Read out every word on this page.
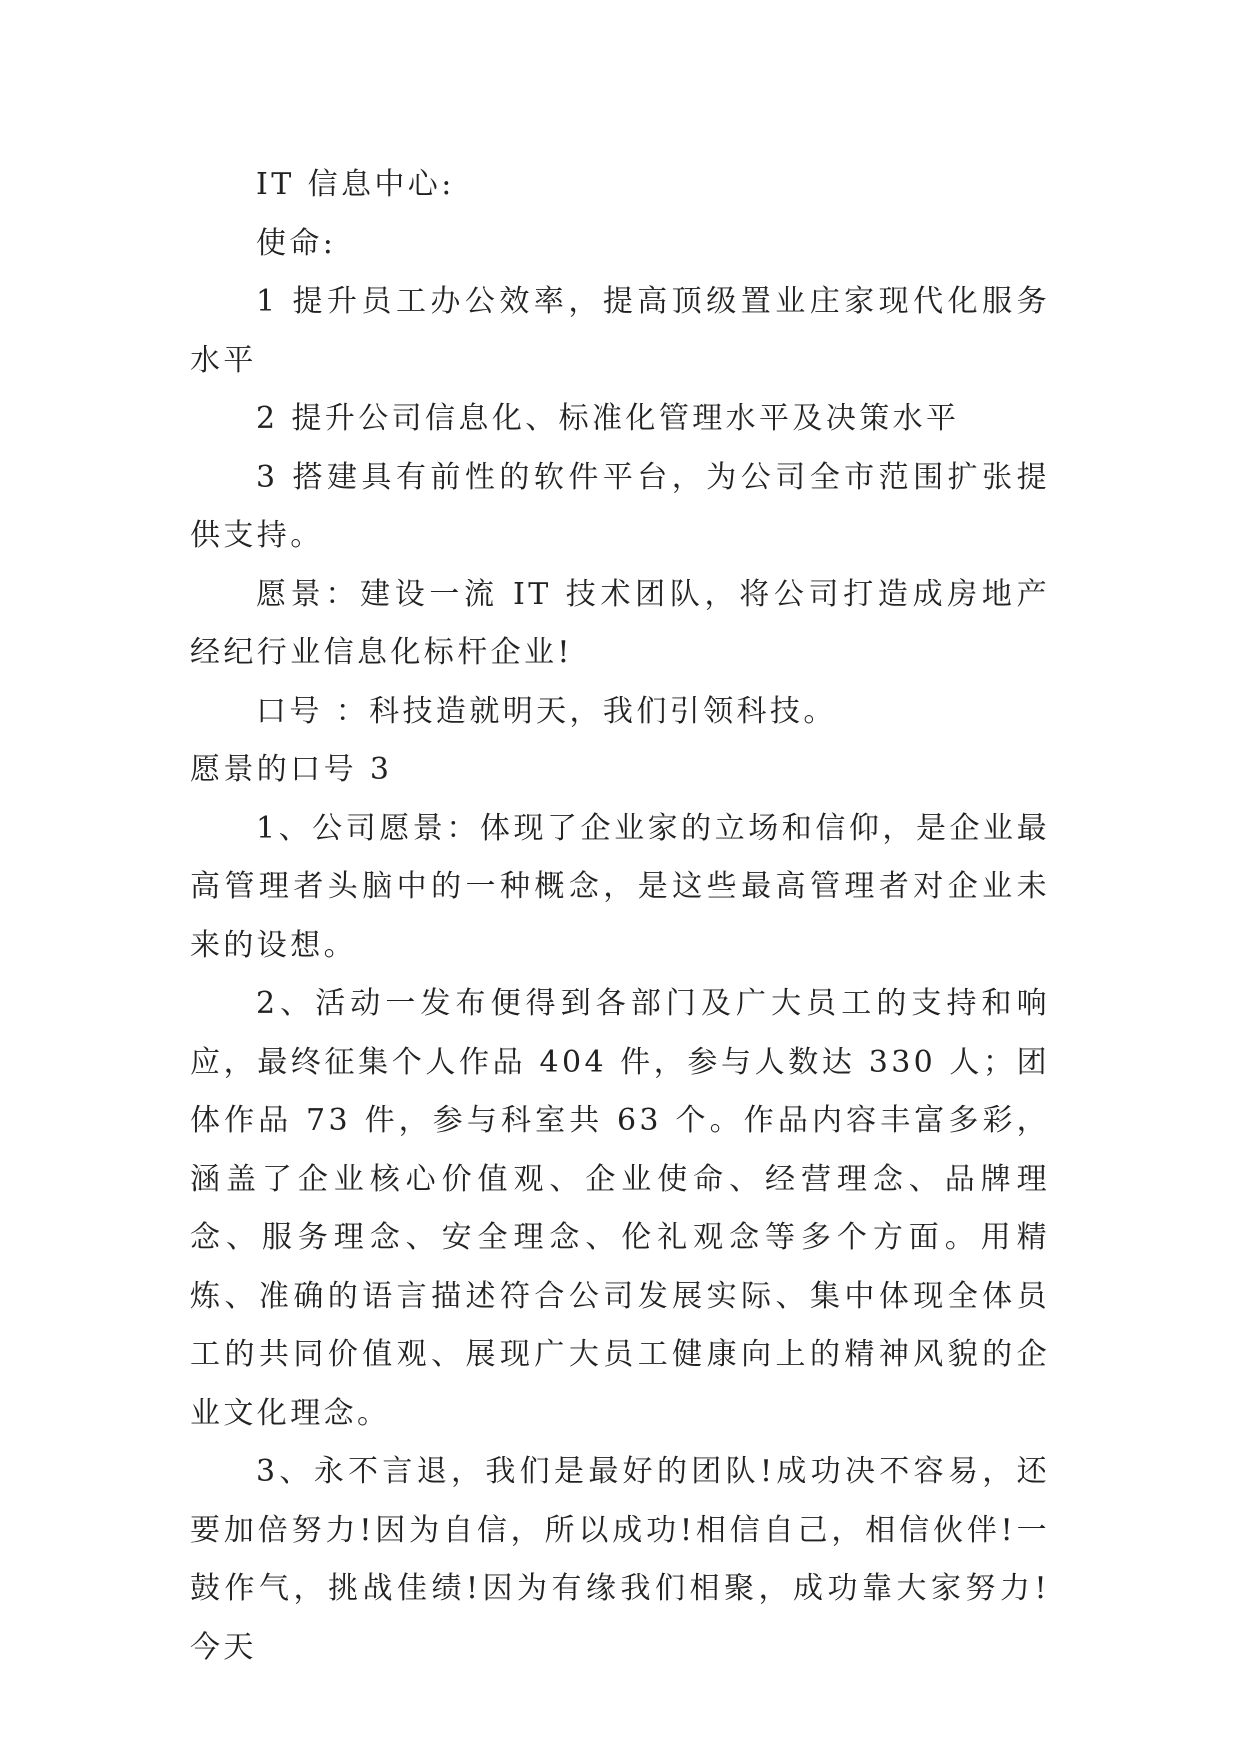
IT 信息中心:

使命:

1 提升员工办公效率，提高顶级置业庄家现代化服务水平

2 提升公司信息化、标准化管理水平及决策水平

3 搭建具有前性的软件平台，为公司全市范围扩张提供支持。

愿景：建设一流 IT 技术团队，将公司打造成房地产经纪行业信息化标杆企业!

口号 ：科技造就明天，我们引领科技。

愿景的口号 3

1、公司愿景：体现了企业家的立场和信仰，是企业最高管理者头脑中的一种概念，是这些最高管理者对企业未来的设想。

2、活动一发布便得到各部门及广大员工的支持和响应，最终征集个人作品 404 件，参与人数达 330 人；团体作品 73 件，参与科室共 63 个。作品内容丰富多彩，涵盖了企业核心价值观、企业使命、经营理念、品牌理念、服务理念、安全理念、伦礼观念等多个方面。用精炼、准确的语言描述符合公司发展实际、集中体现全体员工的共同价值观、展现广大员工健康向上的精神风貌的企业文化理念。

3、永不言退，我们是最好的团队!成功决不容易，还要加倍努力!因为自信，所以成功!相信自己，相信伙伴!一鼓作气，挑战佳绩!因为有缘我们相聚，成功靠大家努力!今天
